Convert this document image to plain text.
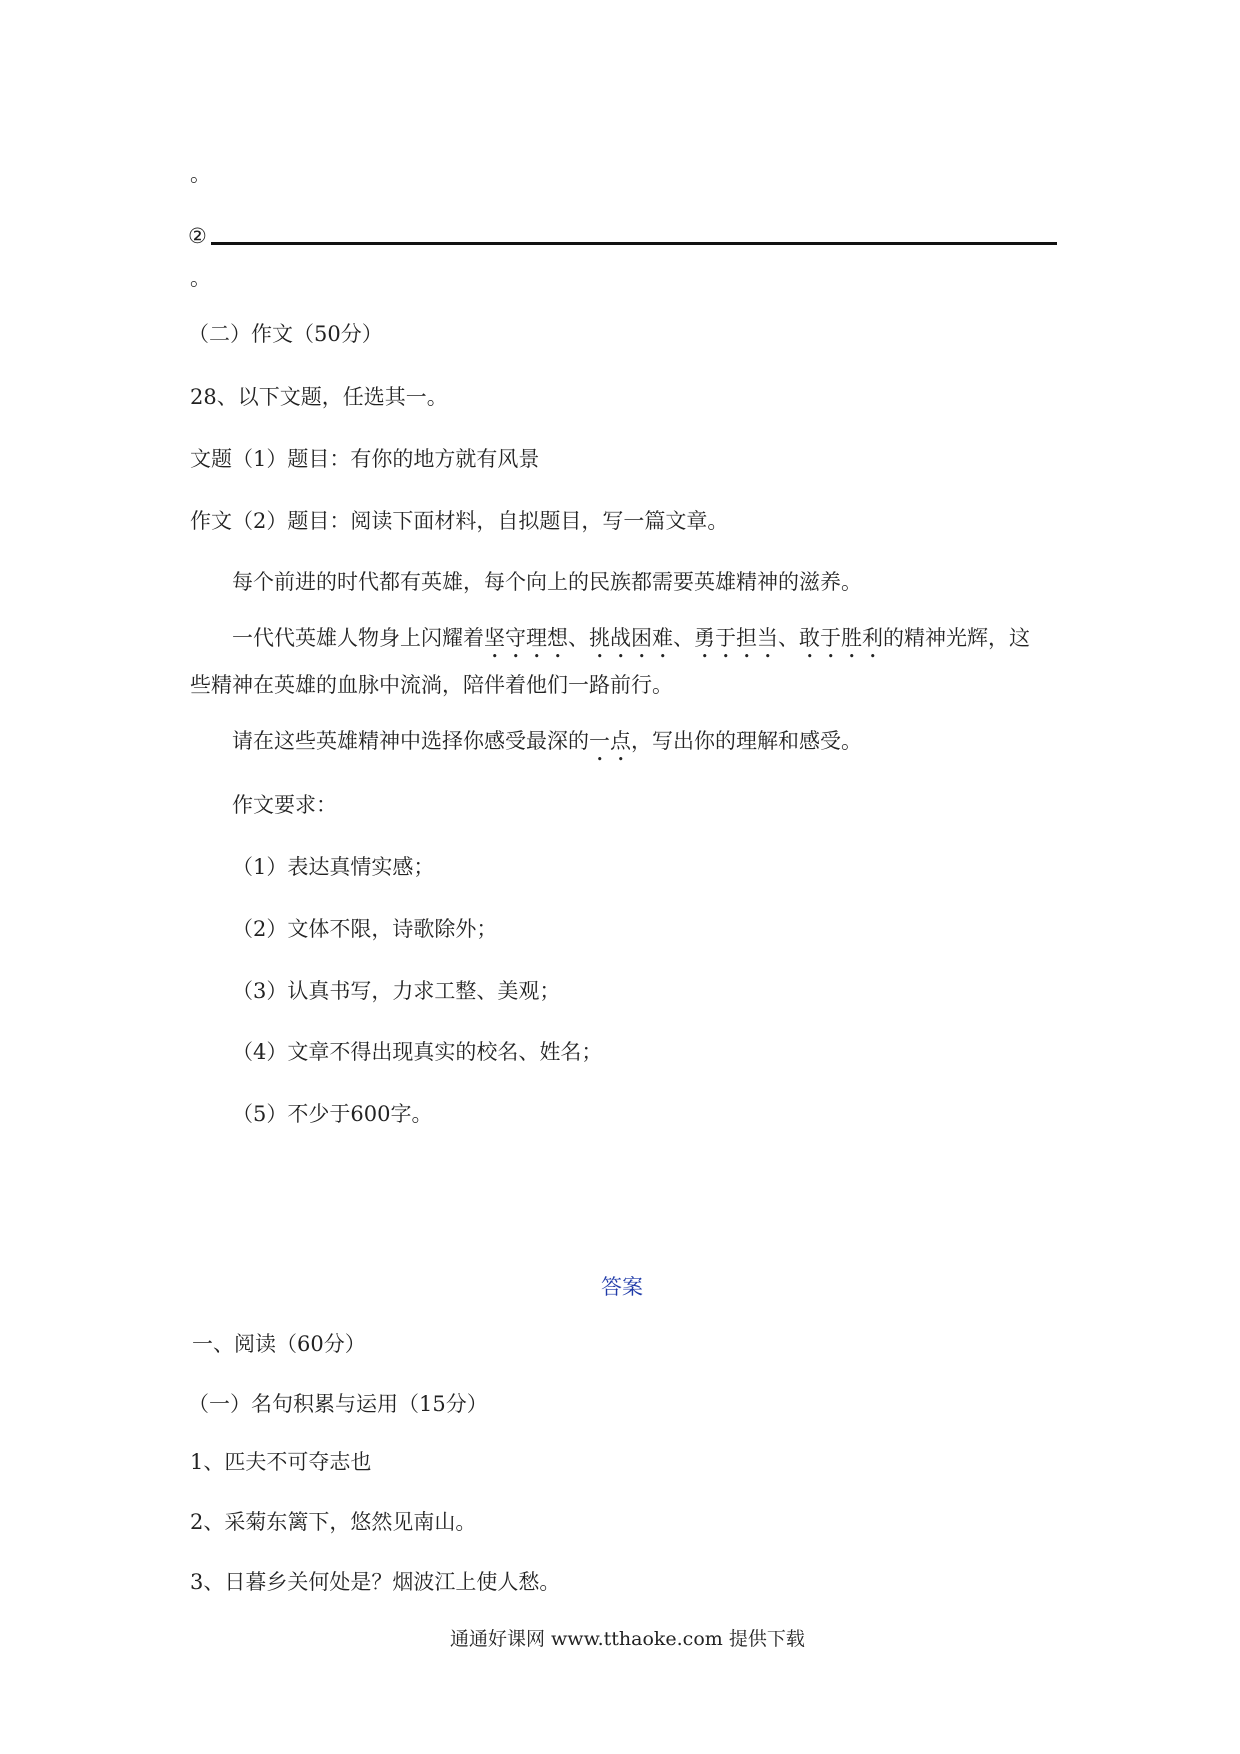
。
②
。
（二）作文（50分）
28、以下文题，任选其一。
文题（1）题目：有你的地方就有风景
作文（2）题目：阅读下面材料，自拟题目，写一篇文章。
每个前进的时代都有英雄，每个向上的民族都需要英雄精神的滋养。
一代代英雄人物身上闪耀着坚守理想、挑战困难、勇于担当、敢于胜利的精神光辉，这
些精神在英雄的血脉中流淌，陪伴着他们一路前行。
请在这些英雄精神中选择你感受最深的一点，写出你的理解和感受。
作文要求：
（1）表达真情实感；
（2）文体不限，诗歌除外；
（3）认真书写，力求工整、美观；
（4）文章不得出现真实的校名、姓名；
（5）不少于600字。
答案
一、阅读（60分）
（一）名句积累与运用（15分）
1、匹夫不可夺志也
2、采菊东篱下，悠然见南山。
3、日暮乡关何处是？烟波江上使人愁。
通通好课网 www.tthaoke.com 提供下载
